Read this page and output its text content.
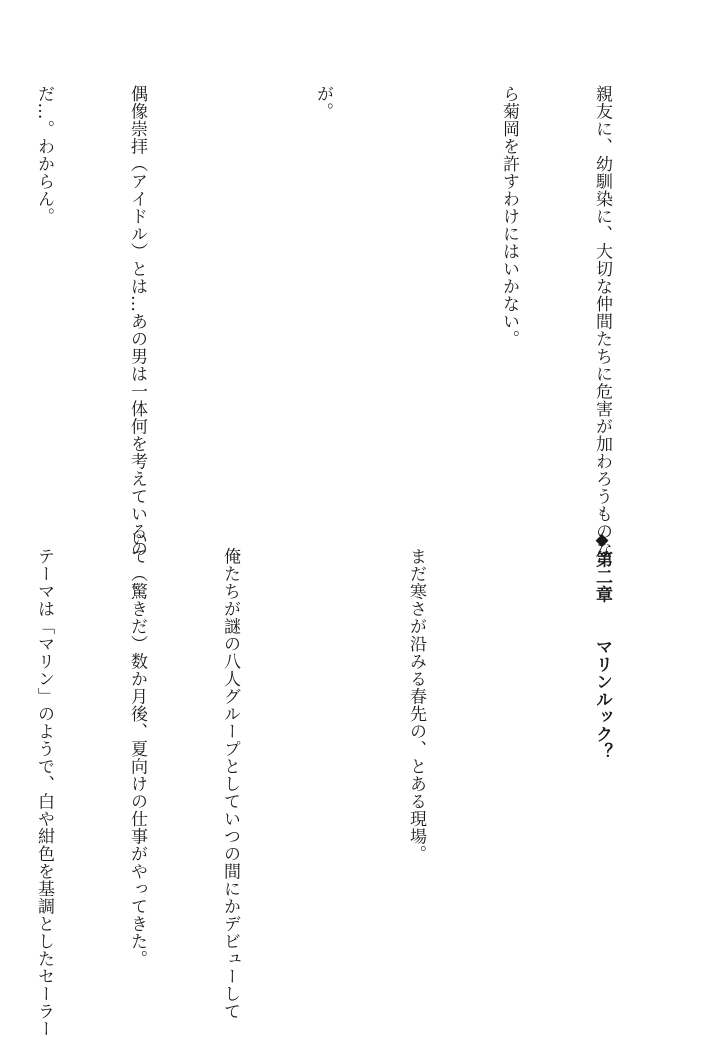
親友に、幼馴染に、大切な仲間たちに危害が加わろうものな

ら菊岡を許すわけにはいかない。

が。

偶像崇拝（アイドル）とは…あの男は一体何を考えているの

だ…。わからん。

◆第二章　　マリンルック？

　まだ寒さが沿みる春先の、とある現場。

　俺たちが謎の八人グループとしていつの間にかデビューして

いて（驚きだ）数か月後、夏向けの仕事がやってきた。

　テーマは「マリン」のようで、白や紺色を基調としたセーラー
